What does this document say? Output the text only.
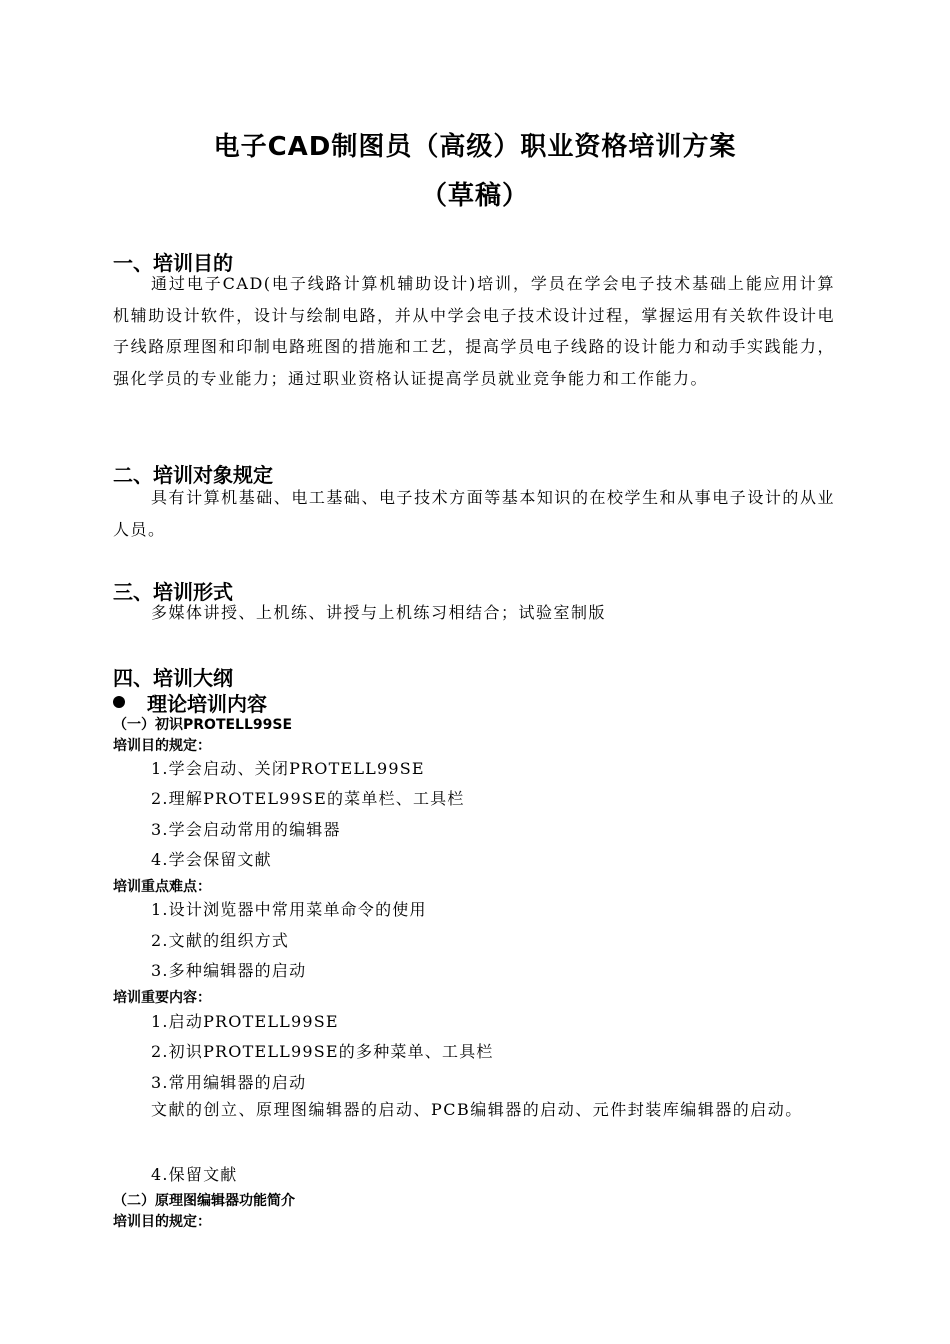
电子CAD制图员（高级）职业资格培训方案
（草稿）
一、培训目的
通过电子CAD(电子线路计算机辅助设计)培训，学员在学会电子技术基础上能应用计算机辅助设计软件，设计与绘制电路，并从中学会电子技术设计过程，掌握运用有关软件设计电子线路原理图和印制电路班图的措施和工艺，提高学员电子线路的设计能力和动手实践能力，强化学员的专业能力；通过职业资格认证提高学员就业竞争能力和工作能力。
二、培训对象规定
具有计算机基础、电工基础、电子技术方面等基本知识的在校学生和从事电子设计的从业人员。
三、培训形式
多媒体讲授、上机练、讲授与上机练习相结合；试验室制版
四、培训大纲
理论培训内容
（一）初识PROTELL99SE
培训目的规定：
1.学会启动、关闭PROTELL99SE
2.理解PROTEL99SE的菜单栏、工具栏
3.学会启动常用的编辑器
4.学会保留文献
培训重点难点：
1.设计浏览器中常用菜单命令的使用
2.文献的组织方式
3.多种编辑器的启动
培训重要内容：
1.启动PROTELL99SE
2.初识PROTELL99SE的多种菜单、工具栏
3.常用编辑器的启动
文献的创立、原理图编辑器的启动、PCB编辑器的启动、元件封装库编辑器的启动。
4.保留文献
（二）原理图编辑器功能简介
培训目的规定：
